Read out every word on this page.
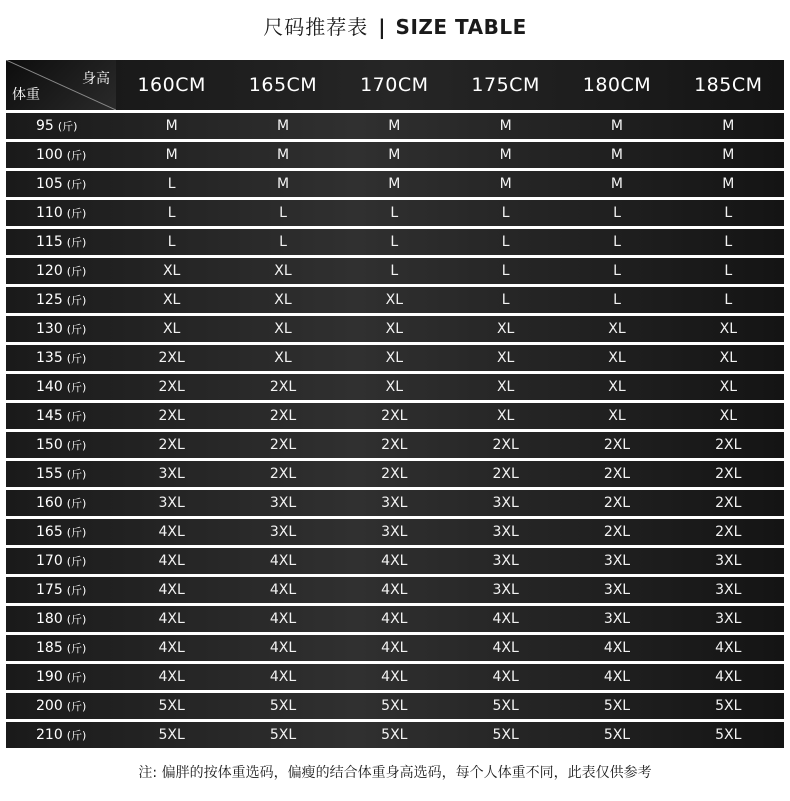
尺码推荐表 | SIZE TABLE
身高
体重	160CM	165CM	170CM	175CM	180CM	185CM
95 (斤)	M	M	M	M	M	M
100 (斤)	M	M	M	M	M	M
105 (斤)	L	M	M	M	M	M
110 (斤)	L	L	L	L	L	L
115 (斤)	L	L	L	L	L	L
120 (斤)	XL	XL	L	L	L	L
125 (斤)	XL	XL	XL	L	L	L
130 (斤)	XL	XL	XL	XL	XL	XL
135 (斤)	2XL	XL	XL	XL	XL	XL
140 (斤)	2XL	2XL	XL	XL	XL	XL
145 (斤)	2XL	2XL	2XL	XL	XL	XL
150 (斤)	2XL	2XL	2XL	2XL	2XL	2XL
155 (斤)	3XL	2XL	2XL	2XL	2XL	2XL
160 (斤)	3XL	3XL	3XL	3XL	2XL	2XL
165 (斤)	4XL	3XL	3XL	3XL	2XL	2XL
170 (斤)	4XL	4XL	4XL	3XL	3XL	3XL
175 (斤)	4XL	4XL	4XL	3XL	3XL	3XL
180 (斤)	4XL	4XL	4XL	4XL	3XL	3XL
185 (斤)	4XL	4XL	4XL	4XL	4XL	4XL
190 (斤)	4XL	4XL	4XL	4XL	4XL	4XL
200 (斤)	5XL	5XL	5XL	5XL	5XL	5XL
210 (斤)	5XL	5XL	5XL	5XL	5XL	5XL
注: 偏胖的按体重选码，偏瘦的结合体重身高选码，每个人体重不同，此表仅供参考
